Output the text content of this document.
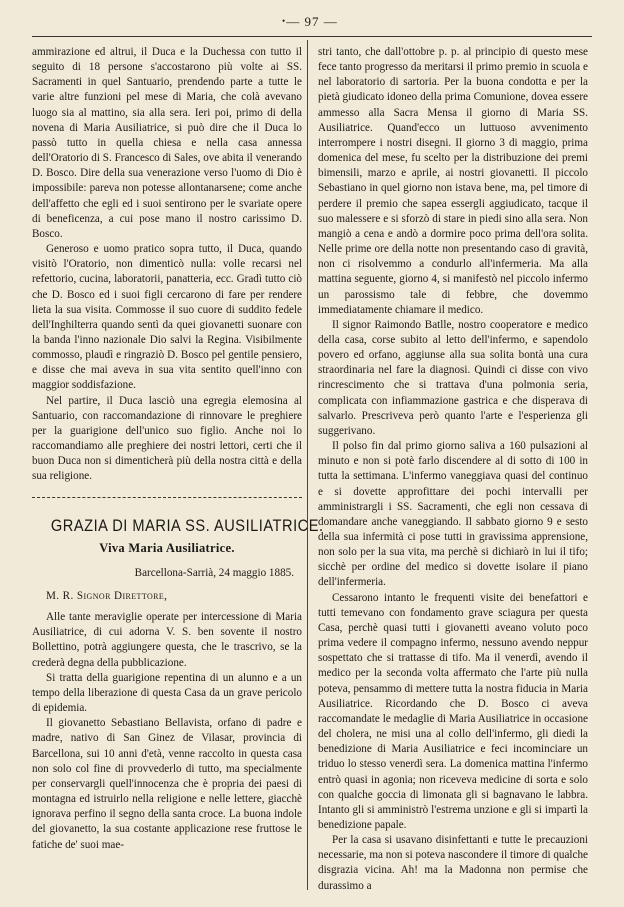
• — 97 —

ammirazione ed altrui, il Duca e la Duchessa con tutto il seguito di 18 persone s'accostarono più volte ai SS. Sacramenti in quel Santuario, prendendo parte a tutte le varie altre funzioni pel mese di Maria, che colà avevano luogo sia al mattino, sia alla sera. Ieri poi, primo di della novena di Maria Ausiliatrice, si può dire che il Duca lo passò tutto in quella chiesa e nella casa annessa dell'Oratorio di S. Francesco di Sales, ove abita il venerando D. Bosco. Dire della sua venerazione verso l'uomo di Dio è impossibile: pareva non potesse allontanarsene; come anche dell'affetto che egli ed i suoi sentirono per le svariate opere di beneficenza, a cui pose mano il nostro carissimo D. Bosco.

Generoso e uomo pratico sopra tutto, il Duca, quando visitò l'Oratorio, non dimenticò nulla: volle recarsi nel refettorio, cucina, laboratorii, panatteria, ecc. Gradì tutto ciò che D. Bosco ed i suoi figli cercarono di fare per rendere lieta la sua visita. Commosse il suo cuore di suddito fedele dell'Inghilterra quando sentì da quei giovanetti suonare con la banda l'inno nazionale Dio salvi la Regina. Visibilmente commosso, plaudì e ringraziò D. Bosco pel gentile pensiero, e disse che mai aveva in sua vita sentito quell'inno con maggior soddisfazione.

Nel partire, il Duca lasciò una egregia elemosina al Santuario, con raccomandazione di rinnovare le preghiere per la guarigione dell'unico suo figlio. Anche noi lo raccomandiamo alle preghiere dei nostri lettori, certi che il buon Duca non si dimenticherà più della nostra città e della sua religione.

GRAZIA DI MARIA SS. AUSILIATRICE.
Viva Maria Ausiliatrice.
Barcellona-Sarrià, 24 maggio 1885.
M. R. Signor Direttore,

Alle tante meraviglie operate per intercessione di Maria Ausiliatrice, di cui adorna V. S. ben sovente il nostro Bollettino, potrà aggiungere questa, che le trascrivo, se la crederà degna della pubblicazione.

Si tratta della guarigione repentina di un alunno e a un tempo della liberazione di questa Casa da un grave pericolo di epidemia.

Il giovanetto Sebastiano Bellavista, orfano di padre e madre, nativo di San Ginez de Vilasar, provincia di Barcellona, sui 10 anni d'età, venne raccolto in questa casa non solo col fine di provvederlo di tutto, ma specialmente per conservargli quell'innocenza che è propria dei paesi di montagna ed istruirlo nella religione e nelle lettere, giacchè ignorava perfino il segno della santa croce. La buona indole del giovanetto, la sua costante applicazione rese fruttose le fatiche de' suoi mae-

stri tanto, che dall'ottobre p. p. al principio di questo mese fece tanto progresso da meritarsi il primo premio in scuola e nel laboratorio di sartoria. Per la buona condotta e per la pietà giudicato idoneo della prima Comunione, dovea essere ammesso alla Sacra Mensa il giorno di Maria SS. Ausiliatrice. Quand'ecco un luttuoso avvenimento interrompere i nostri disegni. Il giorno 3 di maggio, prima domenica del mese, fu scelto per la distribuzione dei premi bimensili, marzo e aprile, ai nostri giovanetti. Il piccolo Sebastiano in quel giorno non istava bene, ma, pel timore di perdere il premio che sapea essergli aggiudicato, tacque il suo malessere e si sforzò di stare in piedi sino alla sera. Non mangiò a cena e andò a dormire poco prima dell'ora solita. Nelle prime ore della notte non presentando caso di gravità, non ci risolvemmo a condurlo all'infermeria. Ma alla mattina seguente, giorno 4, si manifestò nel piccolo infermo un parossismo tale di febbre, che dovemmo immediatamente chiamare il medico.

Il signor Raimondo Batlle, nostro cooperatore e medico della casa, corse subito al letto dell'infermo, e sapendolo povero ed orfano, aggiunse alla sua solita bontà una cura straordinaria nel fare la diagnosi. Quindi ci disse con vivo rincrescimento che si trattava d'una polmonia seria, complicata con infiammazione gastrica e che disperava di salvarlo. Prescriveva però quanto l'arte e l'esperienza gli suggerivano.

Il polso fin dal primo giorno saliva a 160 pulsazioni al minuto e non si potè farlo discendere al di sotto di 100 in tutta la settimana. L'infermo vaneggiava quasi del continuo e si dovette approfittare dei pochi intervalli per amministrargli i SS. Sacramenti, che egli non cessava di domandare anche vaneggiando. Il sabbato giorno 9 e sesto della sua infermità ci pose tutti in gravissima apprensione, non solo per la sua vita, ma perchè si dichiarò in lui il tifo; sicchè per ordine del medico si dovette isolare il piano dell'infermeria.

Cessarono intanto le frequenti visite dei benefattori e tutti temevano con fondamento grave sciagura per questa Casa, perchè quasi tutti i giovanetti aveano voluto poco prima vedere il compagno infermo, nessuno avendo neppur sospettato che si trattasse di tifo. Ma il venerdì, avendo il medico per la seconda volta affermato che l'arte più nulla poteva, pensammo di mettere tutta la nostra fiducia in Maria Ausiliatrice. Ricordando che D. Bosco ci aveva raccomandate le medaglie di Maria Ausiliatrice in occasione del cholera, ne misi una al collo dell'infermo, gli diedi la benedizione di Maria Ausiliatrice e feci incominciare un triduo lo stesso venerdì sera. La domenica mattina l'infermo entrò quasi in agonia; non riceveva medicine di sorta e solo con qualche goccia di limonata gli si bagnavano le labbra. Intanto gli si amministrò l'estrema unzione e gli si impartì la benedizione papale.

Per la casa si usavano disinfettanti e tutte le precauzioni necessarie, ma non si poteva nascondere il timore di qualche disgrazia vicina. Ah! ma la Madonna non permise che durassimo a
